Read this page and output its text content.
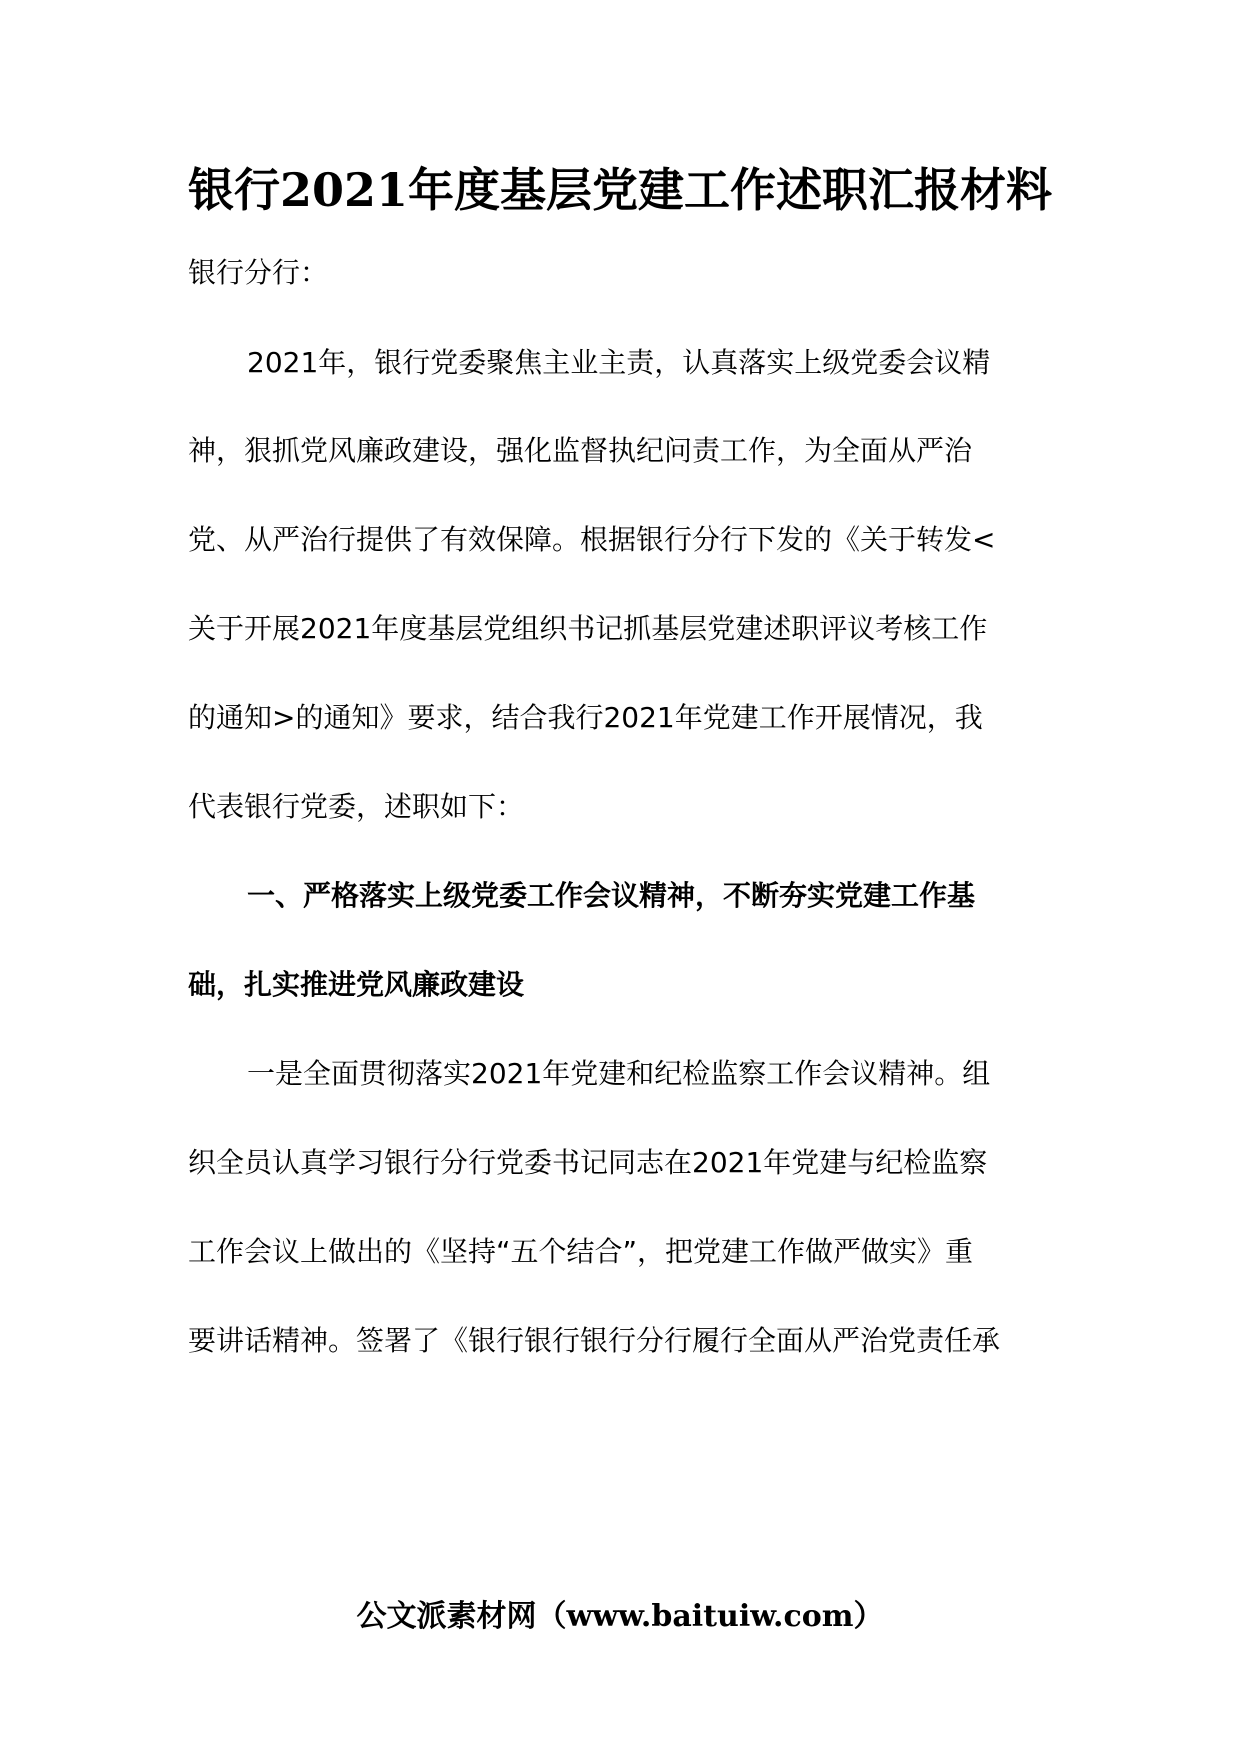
银行2021年度基层党建工作述职汇报材料
银行分行：
2021年，银行党委聚焦主业主责，认真落实上级党委会议精
神，狠抓党风廉政建设，强化监督执纪问责工作，为全面从严治
党、从严治行提供了有效保障。根据银行分行下发的《关于转发<
关于开展2021年度基层党组织书记抓基层党建述职评议考核工作
的通知>的通知》要求，结合我行2021年党建工作开展情况，我
代表银行党委，述职如下：
一、严格落实上级党委工作会议精神，不断夯实党建工作基
础，扎实推进党风廉政建设
一是全面贯彻落实2021年党建和纪检监察工作会议精神。组
织全员认真学习银行分行党委书记同志在2021年党建与纪检监察
工作会议上做出的《坚持“五个结合”，把党建工作做严做实》重
要讲话精神。签署了《银行银行银行分行履行全面从严治党责任承
公文派素材网（www.baituiw.com）
